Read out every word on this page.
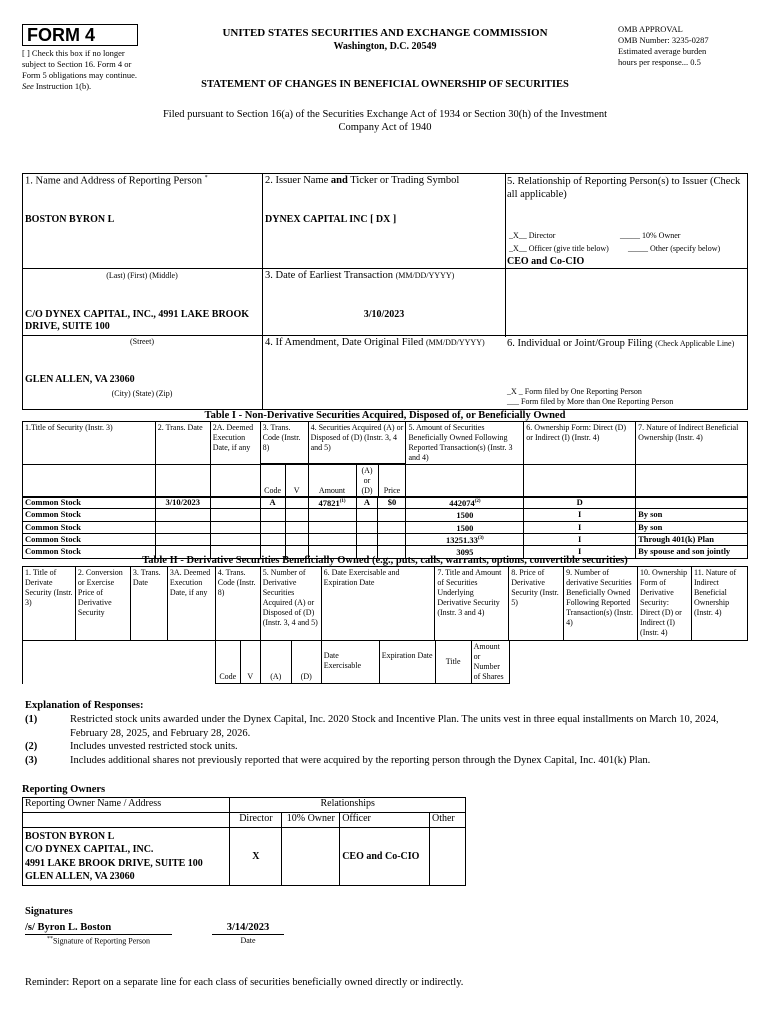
FORM 4
[ ] Check this box if no longer subject to Section 16. Form 4 or Form 5 obligations may continue. See Instruction 1(b).
UNITED STATES SECURITIES AND EXCHANGE COMMISSION
Washington, D.C. 20549
STATEMENT OF CHANGES IN BENEFICIAL OWNERSHIP OF SECURITIES
OMB APPROVAL
OMB Number: 3235-0287
Estimated average burden
hours per response... 0.5
Filed pursuant to Section 16(a) of the Securities Exchange Act of 1934 or Section 30(h) of the Investment Company Act of 1940
1. Name and Address of Reporting Person *
BOSTON BYRON L
(Last) (First) (Middle)
C/O DYNEX CAPITAL, INC., 4991 LAKE BROOK DRIVE, SUITE 100
(Street)
GLEN ALLEN, VA 23060
(City) (State) (Zip)
2. Issuer Name and Ticker or Trading Symbol
DYNEX CAPITAL INC [ DX ]
3. Date of Earliest Transaction (MM/DD/YYYY)
3/10/2023
4. If Amendment, Date Original Filed (MM/DD/YYYY)
5. Relationship of Reporting Person(s) to Issuer (Check all applicable)
_X__ Director	_____ 10% Owner
_X__ Officer (give title below) _____ Other (specify below)
CEO and Co-CIO
6. Individual or Joint/Group Filing (Check Applicable Line)
_X _ Form filed by One Reporting Person
___ Form filed by More than One Reporting Person
Table I - Non-Derivative Securities Acquired, Disposed of, or Beneficially Owned
1.Title of Security (Instr. 3)	2. Trans. Date	2A. Deemed Execution Date, if any	3. Trans. Code (Instr. 8)	4. Securities Acquired (A) or Disposed of (D) (Instr. 3, 4 and 5)	5. Amount of Securities Beneficially Owned Following Reported Transaction(s) (Instr. 3 and 4)	6. Ownership Form: Direct (D) or Indirect (I) (Instr. 4)	7. Nature of Indirect Beneficial Ownership (Instr. 4)
			Code	V	Amount	(A) or (D)	Price			
Common Stock	3/10/2023		A		47821$^{(1)}$	A	$0	442074$^{(2)}$	D	
Common Stock								1500	I	By son
Common Stock								1500	I	By son
Common Stock								13251.33$^{(3)}$	I	Through 401(k) Plan
Common Stock								3095	I	By spouse and son jointly
Table II - Derivative Securities Beneficially Owned (e.g., puts, calls, warrants, options, convertible securities)
1. Title of Derivate Security (Instr. 3)	2. Conversion or Exercise Price of Derivative Security	3. Trans. Date	3A. Deemed Execution Date, if any	4. Trans. Code (Instr. 8)	5. Number of Derivative Securities Acquired (A) or Disposed of (D) (Instr. 3, 4 and 5)	6. Date Exercisable and Expiration Date	7. Title and Amount of Securities Underlying Derivative Security (Instr. 3 and 4)	8. Price of Derivative Security (Instr. 5)	9. Number of derivative Securities Beneficially Owned Following Reported Transaction(s) (Instr. 4)	10. Ownership Form of Derivative Security: Direct (D) or Indirect (I) (Instr. 4)	11. Nature of Indirect Beneficial Ownership (Instr. 4)
				Code	V	(A)	(D)	Date Exercisable	Expiration Date	Title	Amount or Number of Shares	
Explanation of Responses:
(1)	Restricted stock units awarded under the Dynex Capital, Inc. 2020 Stock and Incentive Plan. The units vest in three equal installments on March 10, 2024, February 28, 2025, and February 28, 2026.
(2)	Includes unvested restricted stock units.
(3)	Includes additional shares not previously reported that were acquired by the reporting person through the Dynex Capital, Inc. 401(k) Plan.
Reporting Owners
Reporting Owner Name / Address	Relationships			
	Director	10% Owner	Officer	Other

BOSTON BYRON L
C/O DYNEX CAPITAL, INC.
4991 LAKE BROOK DRIVE, SUITE 100
GLEN ALLEN, VA 23060	X		CEO and Co-CIO	
Signatures
/s/ Byron L. Boston
**Signature of Reporting Person
3/14/2023
Date
Reminder: Report on a separate line for each class of securities beneficially owned directly or indirectly.
